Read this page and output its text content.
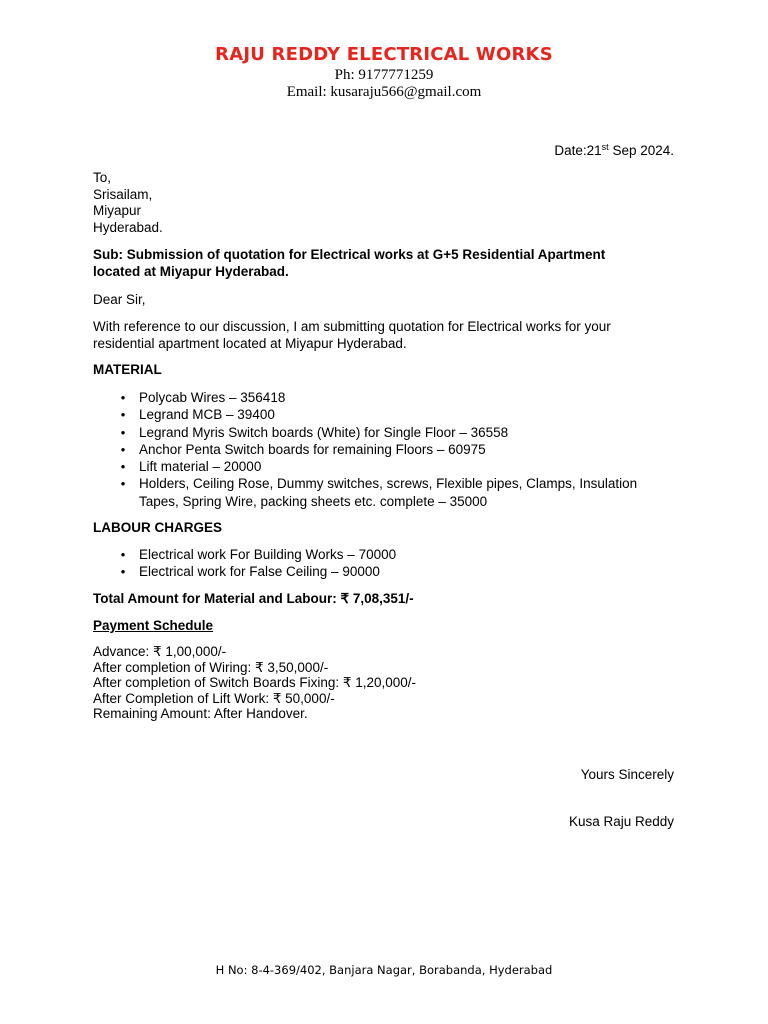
RAJU REDDY ELECTRICAL WORKS
Ph: 9177771259
Email: kusaraju566@gmail.com
Date:21st Sep 2024.

To,

Srisailam,

Miyapur

Hyderabad.

Sub: Submission of quotation for Electrical works at G+5 Residential Apartment

located at Miyapur Hyderabad.

Dear Sir,

With reference to our discussion, I am submitting quotation for Electrical works for your

residential apartment located at Miyapur Hyderabad.

MATERIAL
• Polycab Wires – 356418
• Legrand MCB – 39400
• Legrand Myris Switch boards (White) for Single Floor – 36558
• Anchor Penta Switch boards for remaining Floors – 60975
• Lift material – 20000
• Holders, Ceiling Rose, Dummy switches, screws, Flexible pipes, Clamps, Insulation
Tapes, Spring Wire, packing sheets etc. complete – 35000
LABOUR CHARGES
• Electrical work For Building Works – 70000
• Electrical work for False Ceiling – 90000
Total Amount for Material and Labour: ₹ 7,08,351/-
Payment Schedule

Advance: ₹ 1,00,000/-

After completion of Wiring: ₹ 3,50,000/-

After completion of Switch Boards Fixing: ₹ 1,20,000/-

After Completion of Lift Work: ₹ 50,000/-

Remaining Amount: After Handover.

Yours Sincerely
Kusa Raju Reddy
H No: 8-4-369/402, Banjara Nagar, Borabanda, Hyderabad
